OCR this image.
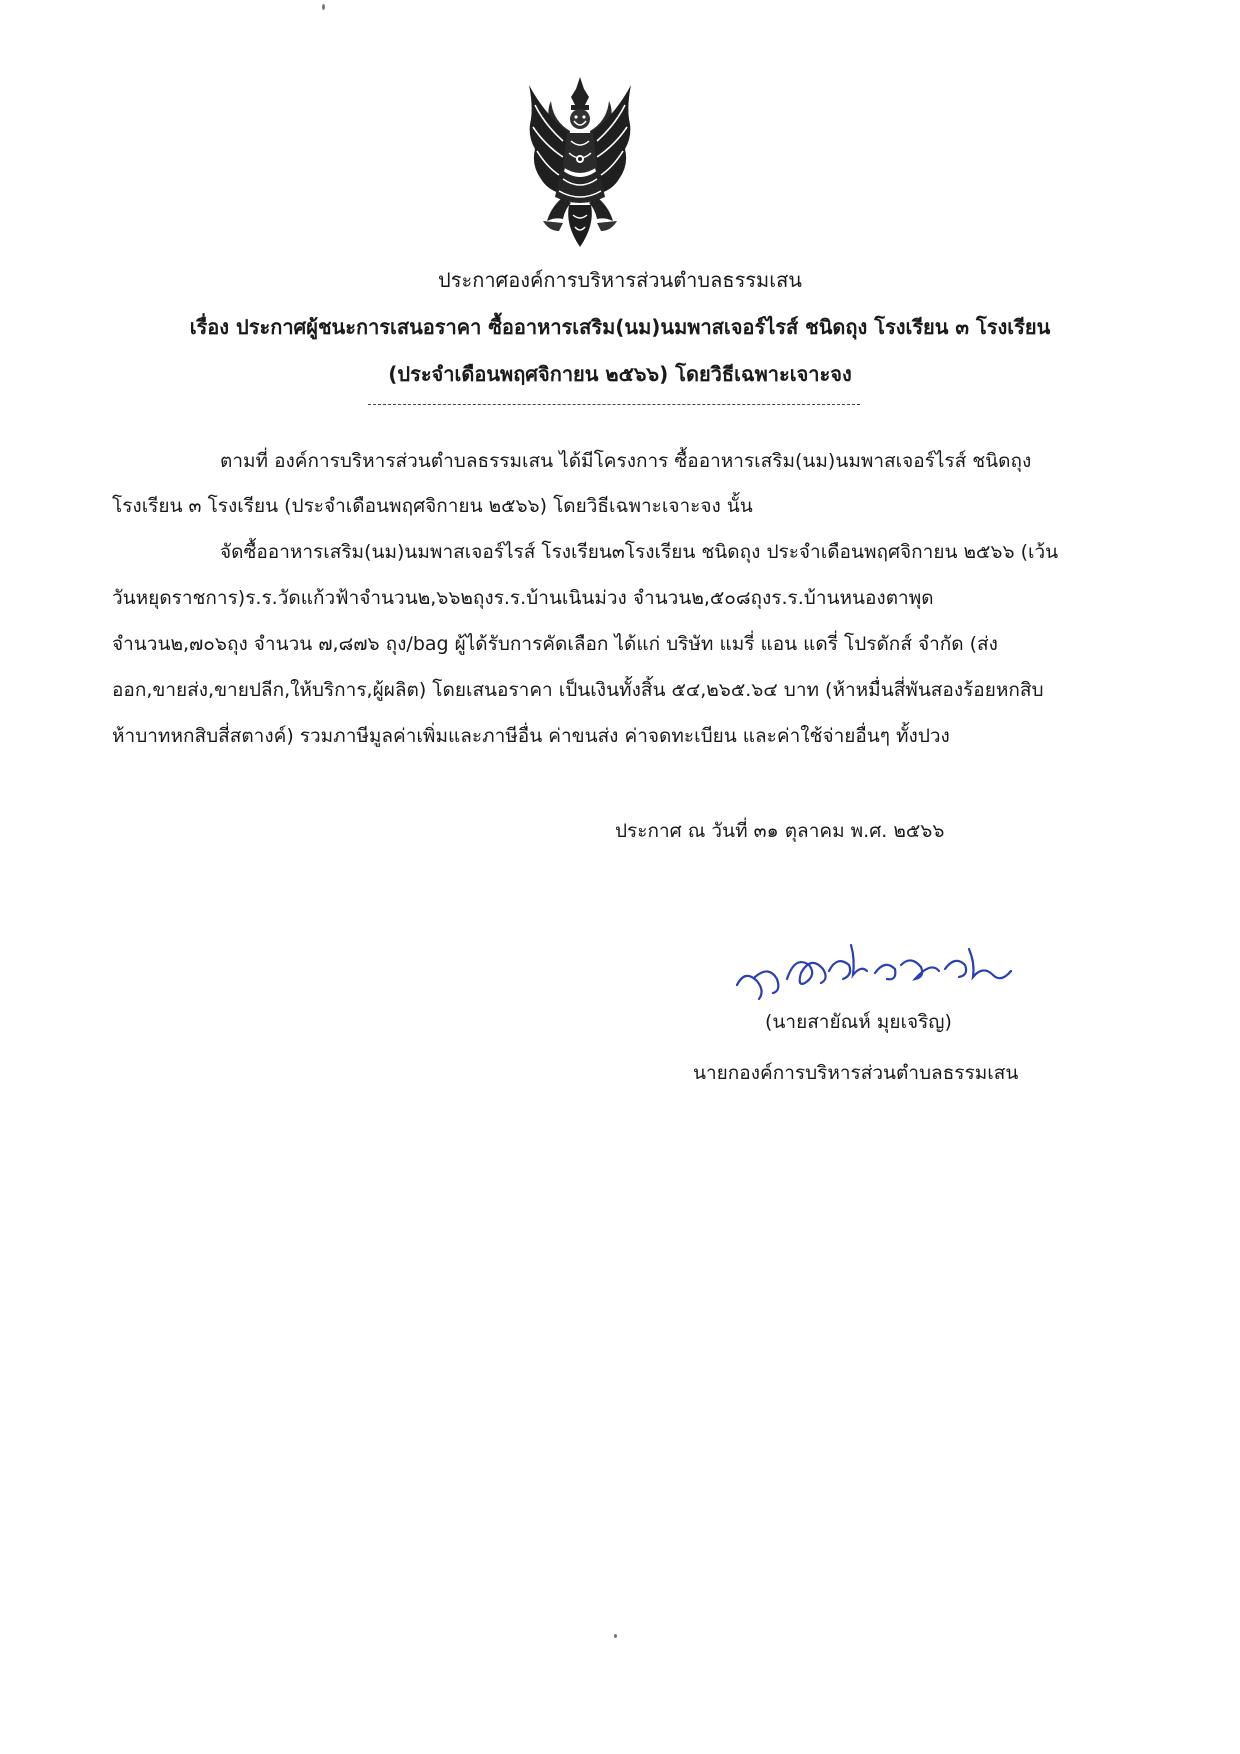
ประกาศองค์การบริหารส่วนตำบลธรรมเสน
เรื่อง ประกาศผู้ชนะการเสนอราคา ซื้ออาหารเสริม(นม)นมพาสเจอร์ไรส์ ชนิดถุง โรงเรียน ๓ โรงเรียน
(ประจำเดือนพฤศจิกายน ๒๕๖๖) โดยวิธีเฉพาะเจาะจง
ตามที่ องค์การบริหารส่วนตำบลธรรมเสน ได้มีโครงการ ซื้ออาหารเสริม(นม)นมพาสเจอร์ไรส์ ชนิดถุง
โรงเรียน ๓ โรงเรียน (ประจำเดือนพฤศจิกายน ๒๕๖๖) โดยวิธีเฉพาะเจาะจง นั้น
จัดซื้ออาหารเสริม(นม)นมพาสเจอร์ไรส์ โรงเรียน๓โรงเรียน ชนิดถุง ประจำเดือนพฤศจิกายน ๒๕๖๖ (เว้น
วันหยุดราชการ)ร.ร.วัดแก้วฟ้าจำนวน๒,๖๖๒ถุงร.ร.บ้านเนินม่วง จำนวน๒,๕๐๘ถุงร.ร.บ้านหนองตาพุด
จำนวน๒,๗๐๖ถุง จำนวน ๗,๘๗๖ ถุง/bag ผู้ได้รับการคัดเลือก ได้แก่ บริษัท แมรี่ แอน แดรี่ โปรดักส์ จำกัด (ส่ง
ออก,ขายส่ง,ขายปลีก,ให้บริการ,ผู้ผลิต) โดยเสนอราคา เป็นเงินทั้งสิ้น ๕๔,๒๖๕.๖๔ บาท (ห้าหมื่นสี่พันสองร้อยหกสิบ
ห้าบาทหกสิบสี่สตางค์) รวมภาษีมูลค่าเพิ่มและภาษีอื่น ค่าขนส่ง ค่าจดทะเบียน และค่าใช้จ่ายอื่นๆ ทั้งปวง
ประกาศ ณ วันที่ ๓๑ ตุลาคม พ.ศ. ๒๕๖๖
(นายสายัณห์ มุยเจริญ)
นายกองค์การบริหารส่วนตำบลธรรมเสน
